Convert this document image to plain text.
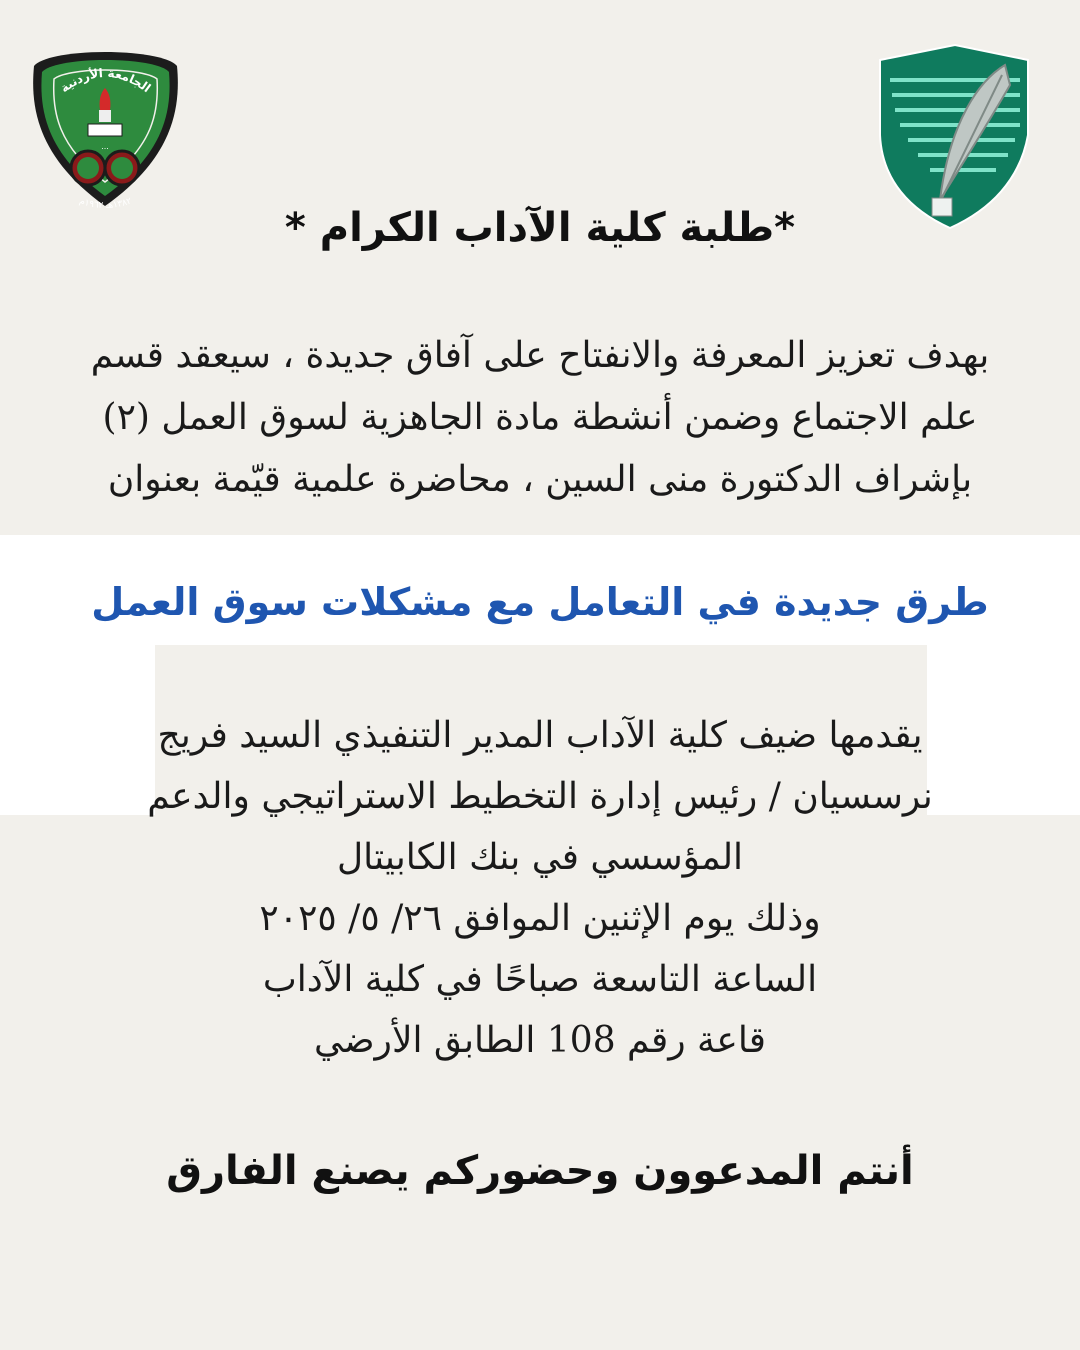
الجامعة الأردنية
...
١٣٨٢هـ ١٩٦٢م
*طلبة كلية الآداب الكرام *

بهدف تعزيز المعرفة والانفتاح على آفاق جديدة ، سيعقد قسم

علم الاجتماع وضمن أنشطة مادة الجاهزية لسوق العمل (٢)

بإشراف الدكتورة منى السين ، محاضرة علمية قيّمة بعنوان

طرق جديدة في التعامل مع مشكلات سوق العمل

يقدمها ضيف كلية الآداب المدير التنفيذي السيد فريج

نرسسيان / رئيس إدارة التخطيط الاستراتيجي والدعم

المؤسسي في بنك الكابيتال

وذلك يوم الإثنين الموافق ٢٦/ ٥/ ٢٠٢٥

الساعة التاسعة صباحًا في كلية الآداب

قاعة رقم 108 الطابق الأرضي

أنتم المدعوون وحضوركم يصنع الفارق
